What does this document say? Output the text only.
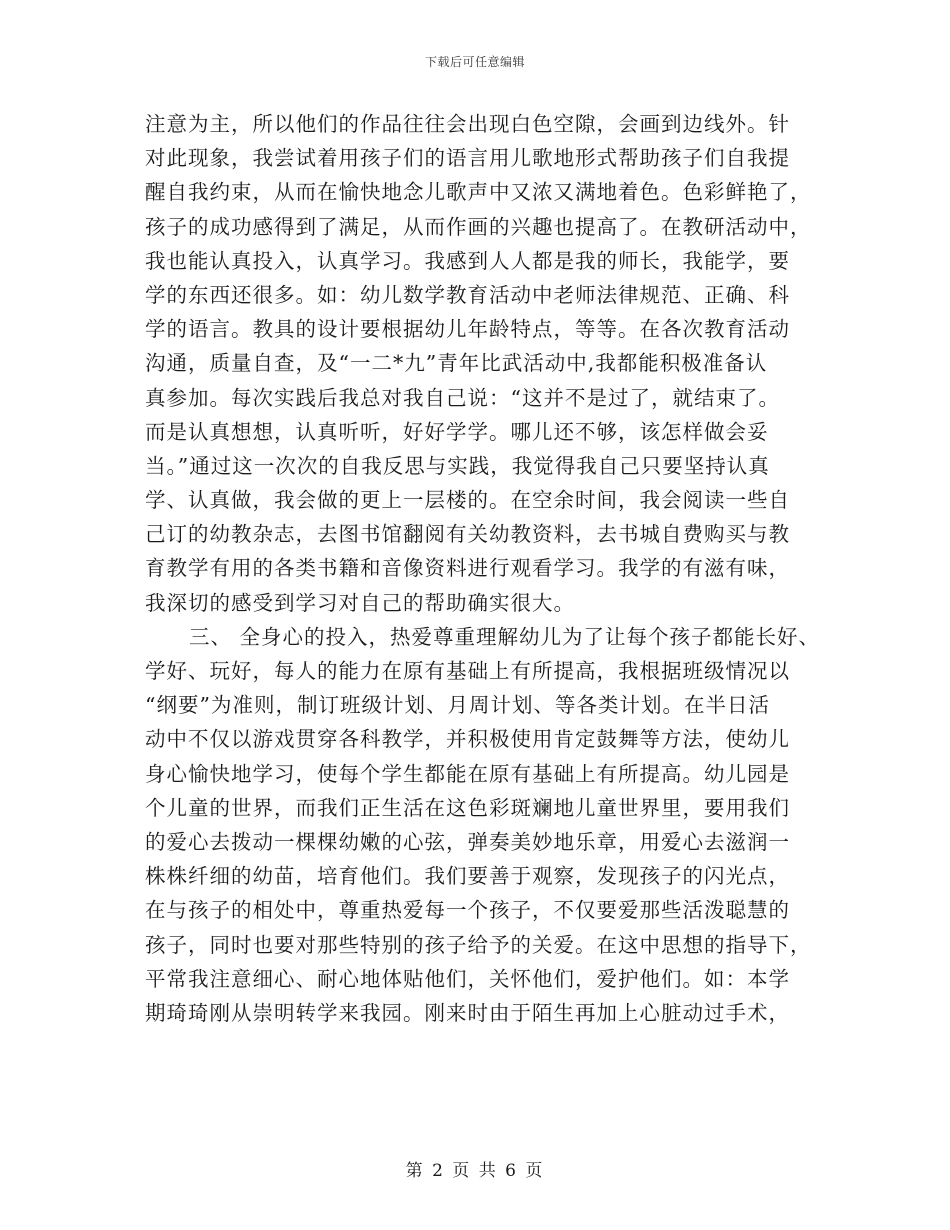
下载后可任意编辑
注意为主，所以他们的作品往往会出现白色空隙，会画到边线外。针
对此现象，我尝试着用孩子们的语言用儿歌地形式帮助孩子们自我提
醒自我约束，从而在愉快地念儿歌声中又浓又满地着色。色彩鲜艳了，
孩子的成功感得到了满足，从而作画的兴趣也提高了。在教研活动中，
我也能认真投入，认真学习。我感到人人都是我的师长，我能学，要
学的东西还很多。如：幼儿数学教育活动中老师法律规范、正确、科
学的语言。教具的设计要根据幼儿年龄特点，等等。在各次教育活动
沟通，质量自查，及“一二*九”青年比武活动中,我都能积极准备认
真参加。每次实践后我总对我自己说：“这并不是过了，就结束了。
而是认真想想，认真听听，好好学学。哪儿还不够，该怎样做会妥
当。”通过这一次次的自我反思与实践，我觉得我自己只要坚持认真
学、认真做，我会做的更上一层楼的。在空余时间，我会阅读一些自
己订的幼教杂志，去图书馆翻阅有关幼教资料，去书城自费购买与教
育教学有用的各类书籍和音像资料进行观看学习。我学的有滋有味，
我深切的感受到学习对自己的帮助确实很大。
三、 全身心的投入，热爱尊重理解幼儿为了让每个孩子都能长好、
学好、玩好，每人的能力在原有基础上有所提高，我根据班级情况以
“纲要”为准则，制订班级计划、月周计划、等各类计划。在半日活
动中不仅以游戏贯穿各科教学，并积极使用肯定鼓舞等方法，使幼儿
身心愉快地学习，使每个学生都能在原有基础上有所提高。幼儿园是
个儿童的世界，而我们正生活在这色彩斑斓地儿童世界里，要用我们
的爱心去拨动一棵棵幼嫩的心弦，弹奏美妙地乐章，用爱心去滋润一
株株纤细的幼苗，培育他们。我们要善于观察，发现孩子的闪光点，
在与孩子的相处中，尊重热爱每一个孩子，不仅要爱那些活泼聪慧的
孩子，同时也要对那些特别的孩子给予的关爱。在这中思想的指导下，
平常我注意细心、耐心地体贴他们，关怀他们，爱护他们。如：本学
期琦琦刚从崇明转学来我园。刚来时由于陌生再加上心脏动过手术，
第 2 页 共 6 页
